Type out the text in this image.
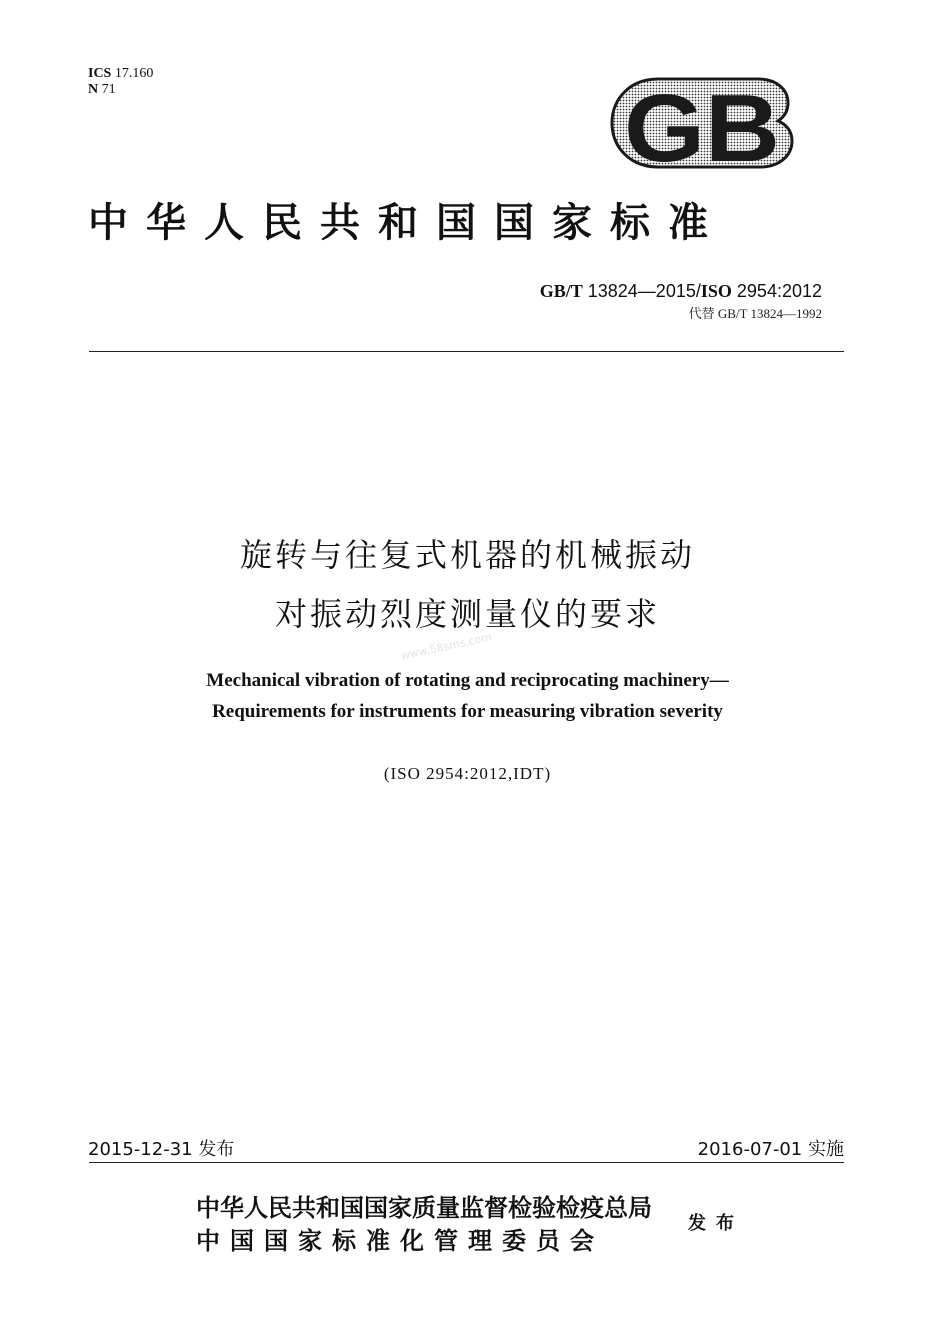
ICS 17.160
N 71	GB
中华人民共和国国家标准
GB/T 13824—2015/ISO 2954:2012
代替 GB/T 13824—1992
旋转与往复式机器的机械振动
对振动烈度测量仪的要求
www.58sms.com
Mechanical vibration of rotating and reciprocating machinery—
Requirements for instruments for measuring vibration severity
(ISO 2954:2012,IDT)
2015-12-31 发布	2016-07-01 实施
中华人民共和国国家质量监督检验检疫总局
中国国家标准化管理委员会
发布
